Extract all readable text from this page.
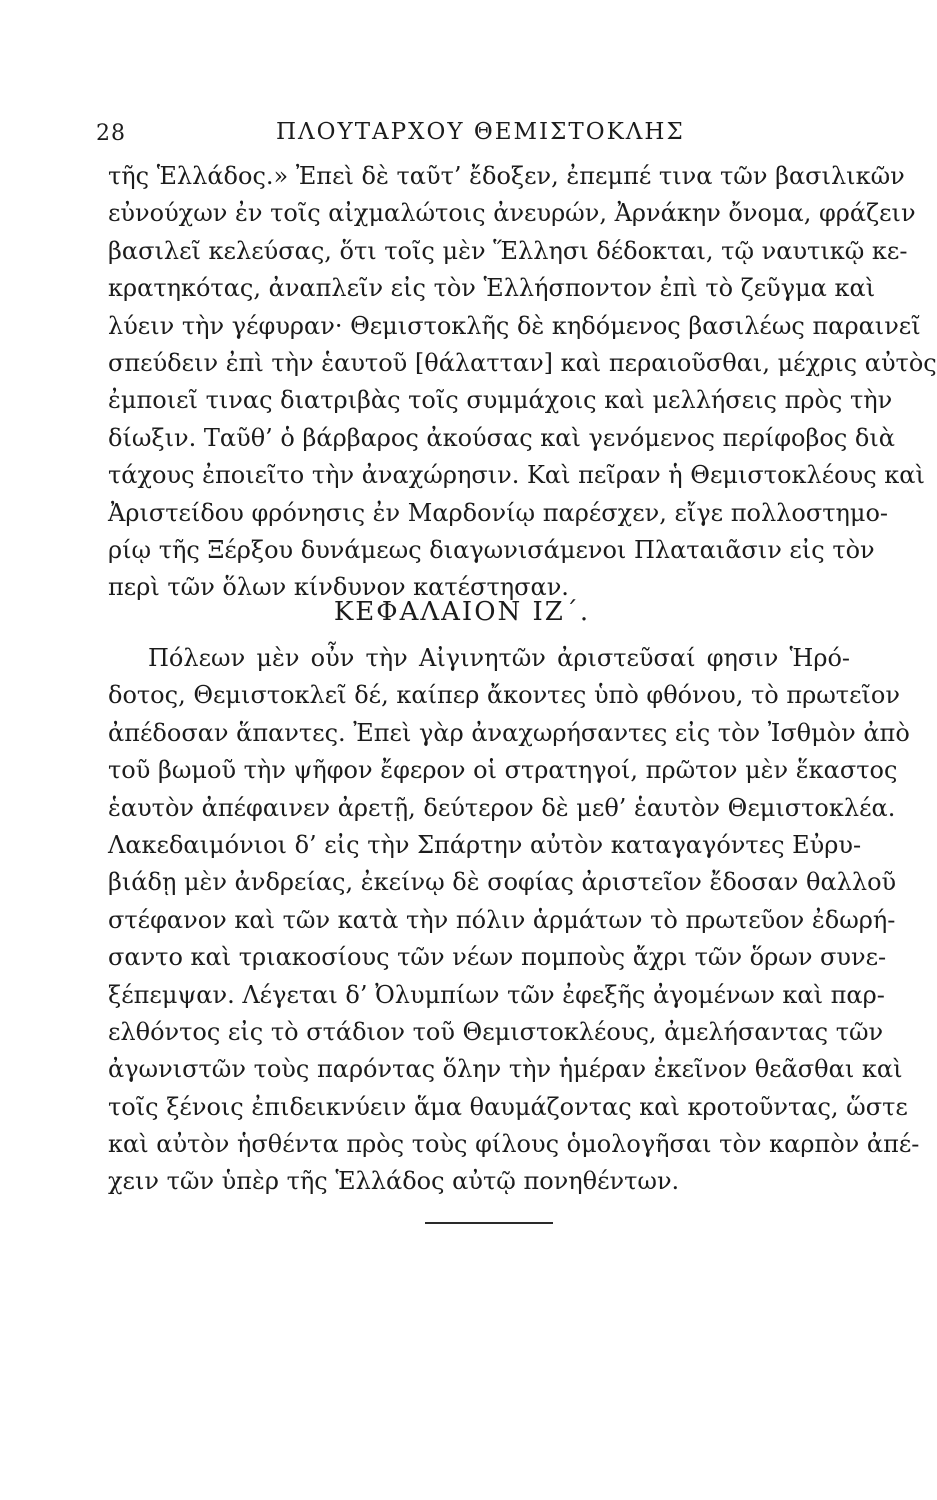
28	ΠΛΟΥΤΑΡΧΟΥ ΘΕΜΙΣΤΟΚΛΗΣ
τῆς Ἑλλάδος.» Ἐπεὶ δὲ ταῦτ’ ἔδοξεν, ἐπεμπέ τινα τῶν βασιλικῶν
εὐνούχων ἐν τοῖς αἰχμαλώτοις ἀνευρών, Ἀρνάκην ὄνομα, φράζειν
βασιλεῖ κελεύσας, ὅτι τοῖς μὲν Ἕλλησι δέδοκται, τῷ ναυτικῷ κε-
κρατηκότας, ἀναπλεῖν εἰς τὸν Ἑλλήσποντον ἐπὶ τὸ ζεῦγμα καὶ
λύειν τὴν γέφυραν· Θεμιστοκλῆς δὲ κηδόμενος βασιλέως παραινεῖ
σπεύδειν ἐπὶ τὴν ἑαυτοῦ [θάλατταν] καὶ περαιοῦσθαι, μέχρις αὐτὸς
ἐμποιεῖ τινας διατριβὰς τοῖς συμμάχοις καὶ μελλήσεις πρὸς τὴν
δίωξιν. Ταῦθ’ ὁ βάρβαρος ἀκούσας καὶ γενόμενος περίφοβος διὰ
τάχους ἐποιεῖτο τὴν ἀναχώρησιν. Καὶ πεῖραν ἡ Θεμιστοκλέους καὶ
Ἀριστείδου φρόνησις ἐν Μαρδονίῳ παρέσχεν, εἴγε πολλοστημο-
ρίῳ τῆς Ξέρξου δυνάμεως διαγωνισάμενοι Πλαταιᾶσιν εἰς τὸν
περὶ τῶν ὅλων κίνδυνον κατέστησαν.
ΚΕΦΑΛΑΙΟΝ ΙΖ΄.
Πόλεων μὲν οὖν τὴν Αἰγινητῶν ἀριστεῦσαί φησιν Ἡρό-
δοτος, Θεμιστοκλεῖ δέ, καίπερ ἄκοντες ὑπὸ φθόνου, τὸ πρωτεῖον
ἀπέδοσαν ἅπαντες. Ἐπεὶ γὰρ ἀναχωρήσαντες εἰς τὸν Ἰσθμὸν ἀπὸ
τοῦ βωμοῦ τὴν ψῆφον ἔφερον οἱ στρατηγοί, πρῶτον μὲν ἕκαστος
ἑαυτὸν ἀπέφαινεν ἀρετῇ, δεύτερον δὲ μεθ’ ἑαυτὸν Θεμιστοκλέα.
Λακεδαιμόνιοι δ’ εἰς τὴν Σπάρτην αὐτὸν καταγαγόντες Εὐρυ-
βιάδῃ μὲν ἀνδρείας, ἐκείνῳ δὲ σοφίας ἀριστεῖον ἔδοσαν θαλλοῦ
στέφανον καὶ τῶν κατὰ τὴν πόλιν ἁρμάτων τὸ πρωτεῦον ἐδωρή-
σαντο καὶ τριακοσίους τῶν νέων πομποὺς ἄχρι τῶν ὅρων συνε-
ξέπεμψαν. Λέγεται δ’ Ὀλυμπίων τῶν ἐφεξῆς ἀγομένων καὶ παρ-
ελθόντος εἰς τὸ στάδιον τοῦ Θεμιστοκλέους, ἀμελήσαντας τῶν
ἀγωνιστῶν τοὺς παρόντας ὅλην τὴν ἡμέραν ἐκεῖνον θεᾶσθαι καὶ
τοῖς ξένοις ἐπιδεικνύειν ἅμα θαυμάζοντας καὶ κροτοῦντας, ὥστε
καὶ αὐτὸν ἡσθέντα πρὸς τοὺς φίλους ὁμολογῆσαι τὸν καρπὸν ἀπέ-
χειν τῶν ὑπὲρ τῆς Ἑλλάδος αὐτῷ πονηθέντων.
